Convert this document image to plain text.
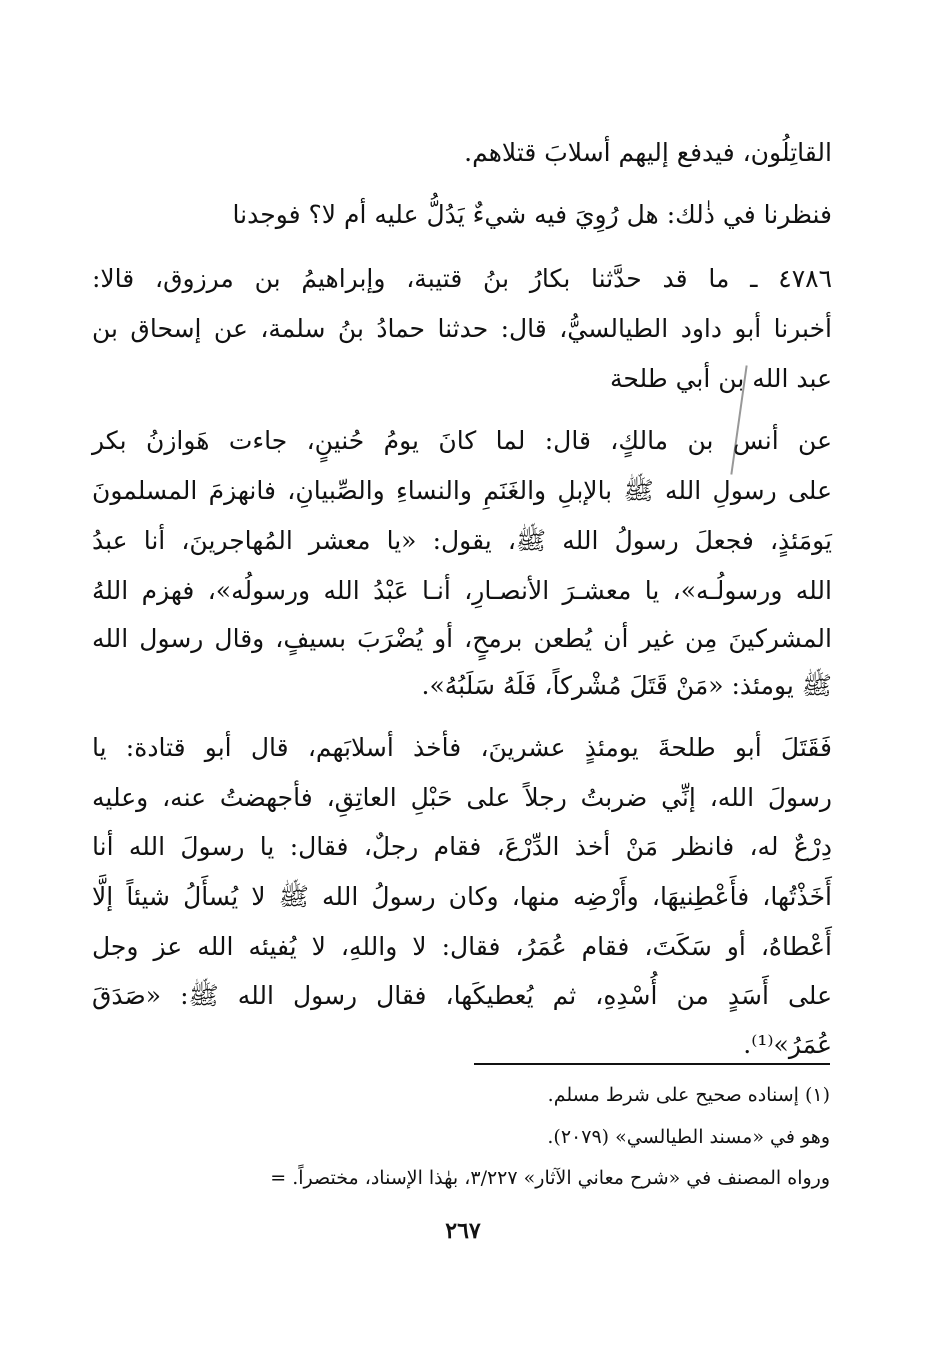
القاتِلُون، فيدفع إليهم أسلابَ قتلاهم.
فنظرنا في ذٰلك: هل رُوِيَ فيه شيءٌ يَدُلُّ عليه أم لا؟ فوجدنا
٤٧٨٦ ـ ما قد حدَّثنا بكارُ بنُ قتيبة، وإبراهيمُ بن مرزوق، قالا:
أخبرنا أبو داود الطيالسيُّ، قال: حدثنا حمادُ بنُ سلمة، عن إسحاق بن
عبد الله بن أبي طلحة
عن أنس بن مالكٍ، قال: لما كانَ يومُ حُنينٍ، جاءت هَوازنُ بكر
على رسولِ الله ﷺ بالإبلِ والغَنَمِ والنساءِ والصِّبيانِ، فانهزمَ المسلمونَ
يَومَئذٍ، فجعلَ رسولُ الله ﷺ، يقول: «يا معشر المُهاجرينَ، أنا عبدُ
الله ورسولُـه»، يا معشـرَ الأنصـارِ، أنـا عَبْدُ الله ورسولُه»، فهزم اللهُ
المشركينَ مِن غير أن يُطعن برمحٍ، أو يُضْرَبَ بسيفٍ، وقال رسول الله
ﷺ يومئذ: «مَنْ قَتَلَ مُشْركاً، فَلَهُ سَلَبُهُ».
فَقَتَلَ أبو طلحةَ يومئذٍ عشرينَ، فأخذ أسلابَهم، قال أبو قتادة: يا
رسولَ الله، إنِّي ضربتُ رجلاً على حَبْلِ العاتِقِ، فأجهضتُ عنه، وعليه
دِرْعٌ له، فانظر مَنْ أخذ الدِّرْعَ، فقام رجلٌ، فقال: يا رسولَ الله أنا
أَخَذْتُها، فأَعْطِنيهَا، وأَرْضِه منها، وكان رسولُ الله ﷺ لا يُسأَلُ شيئاً إلَّا
أَعْطاهُ، أو سَكَتَ، فقام عُمَرُ، فقال: لا واللهِ، لا يُفيئه الله عز وجل
على أَسَدٍ من أُسْدِهِ، ثم يُعطيكَها، فقال رسول الله ﷺ: «صَدَقَ
عُمَرُ»⁽¹⁾.
(١) إسناده صحيح على شرط مسلم.
وهو في «مسند الطيالسي» (٢٠٧٩).
ورواه المصنف في «شرح معاني الآثار» ٣/٢٢٧، بهٰذا الإسناد، مختصراً. =
٢٦٧
